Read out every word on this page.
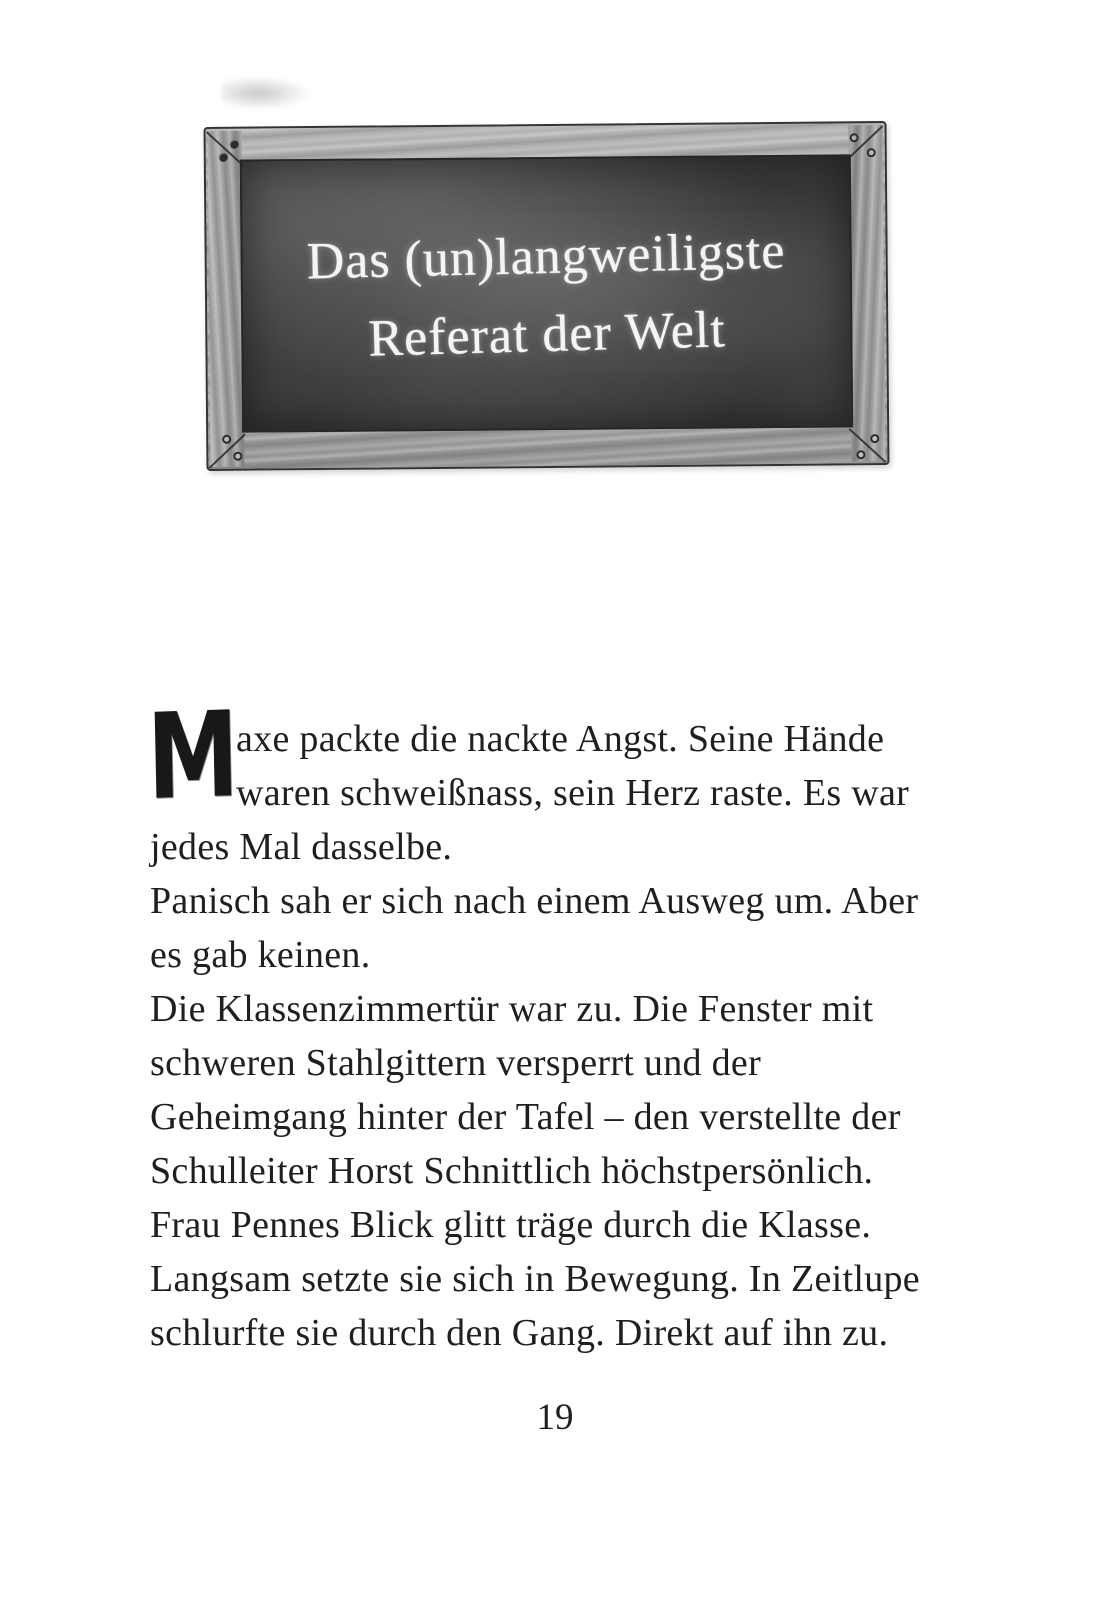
Das (un)langweiligste
Referat der Welt
M
axe packte die nackte Angst. Seine Hände
waren schweißnass, sein Herz raste. Es war
jedes Mal dasselbe.
Panisch sah er sich nach einem Ausweg um. Aber
es gab keinen.
Die Klassenzimmertür war zu. Die Fenster mit
schweren Stahlgittern versperrt und der
Geheimgang hinter der Tafel – den verstellte der
Schulleiter Horst Schnittlich höchstpersönlich.
Frau Pennes Blick glitt träge durch die Klasse.
Langsam setzte sie sich in Bewegung. In Zeitlupe
schlurfte sie durch den Gang. Direkt auf ihn zu.
19
